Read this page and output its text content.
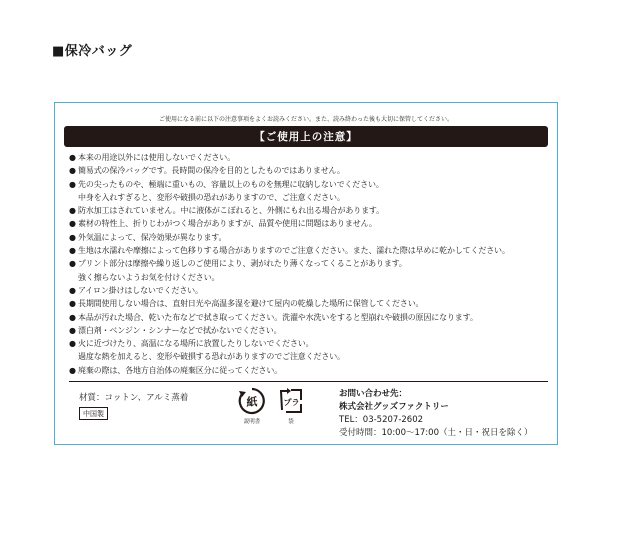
■保冷バッグ
ご使用になる前に以下の注意事項をよくお読みください。また、読み終わった後も大切に保管してください。
【ご使用上の注意】
● 本来の用途以外には使用しないでください。
● 簡易式の保冷バッグです。長時間の保冷を目的としたものではありません。
● 先の尖ったものや、極端に重いもの、容量以上のものを無理に収納しないでください。
中身を入れすぎると、変形や破損の恐れがありますので、ご注意ください。
● 防水加工はされていません。中に液体がこぼれると、外側にもれ出る場合があります。
● 素材の特性上、折りじわがつく場合がありますが、品質や使用に問題はありません。
● 外気温によって、保冷効果が異なります。
● 生地は水濡れや摩擦によって色移りする場合がありますのでご注意ください。また、濡れた際は早めに乾かしてください。
● プリント部分は摩擦や繰り返しのご使用により、剥がれたり薄くなってくることがあります。
強く擦らないようお気を付けください。
● アイロン掛けはしないでください。
● 長期間使用しない場合は、直射日光や高温多湿を避けて屋内の乾燥した場所に保管してください。
● 本品が汚れた場合、乾いた布などで拭き取ってください。洗濯や水洗いをすると型崩れや破損の原因になります。
● 漂白剤・ベンジン・シンナーなどで拭かないでください。
● 火に近づけたり、高温になる場所に放置したりしないでください。
過度な熱を加えると、変形や破損する恐れがありますのでご注意ください。
● 廃棄の際は、各地方自治体の廃棄区分に従ってください。
材質：コットン、アルミ蒸着
中国製
紙
説明書
プラ
袋
お問い合わせ先：
株式会社グッズファクトリー
TEL：03-5207-2602
受付時間：10:00〜17:00（土・日・祝日を除く）
